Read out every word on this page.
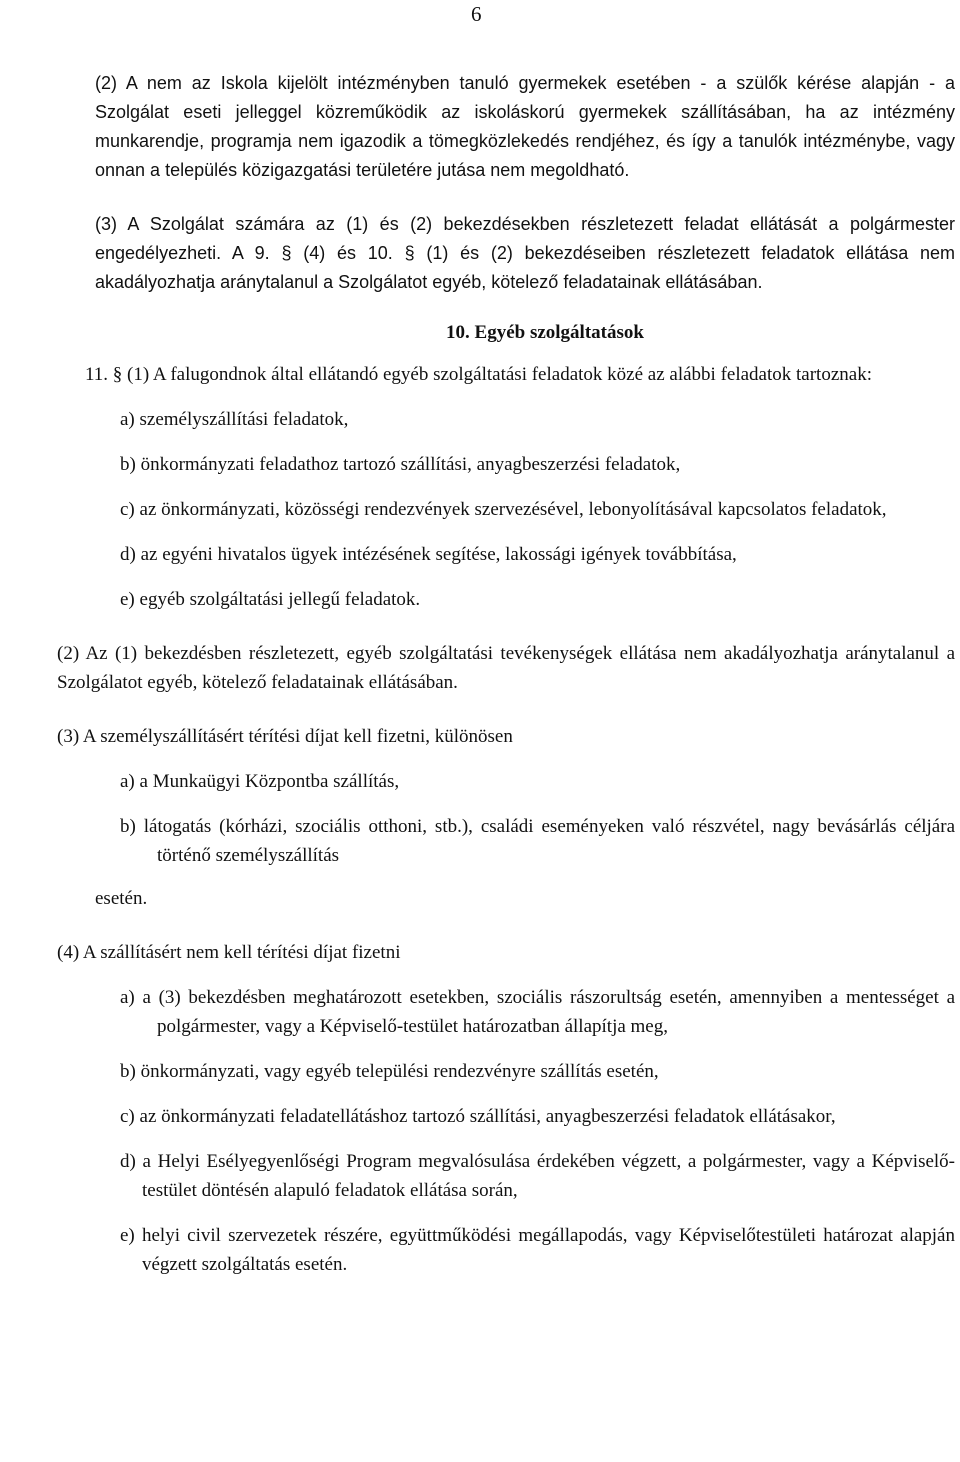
6

(2) A nem az Iskola kijelölt intézményben tanuló gyermekek esetében - a szülők kérése alapján - a Szolgálat eseti jelleggel közreműködik az iskoláskorú gyermekek szállításában, ha az intézmény munkarendje, programja nem igazodik a tömegközlekedés rendjéhez, és így a tanulók intézménybe, vagy onnan a település közigazgatási területére jutása nem megoldható.

(3) A Szolgálat számára az (1) és (2) bekezdésekben részletezett feladat ellátását a polgármester engedélyezheti. A 9. § (4) és 10. § (1) és (2) bekezdéseiben részletezett feladatok ellátása nem akadályozhatja aránytalanul a Szolgálatot egyéb, kötelező feladatainak ellátásában.

10. Egyéb szolgáltatások

11. § (1) A falugondnok által ellátandó egyéb szolgáltatási feladatok közé az alábbi feladatok tartoznak:

a) személyszállítási feladatok,

b) önkormányzati feladathoz tartozó szállítási, anyagbeszerzési feladatok,

c) az önkormányzati, közösségi rendezvények szervezésével, lebonyolításával kapcsolatos feladatok,

d) az egyéni hivatalos ügyek intézésének segítése, lakossági igények továbbítása,

e) egyéb szolgáltatási jellegű feladatok.

(2) Az (1) bekezdésben részletezett, egyéb szolgáltatási tevékenységek ellátása nem akadályozhatja aránytalanul a Szolgálatot egyéb, kötelező feladatainak ellátásában.

(3) A személyszállításért térítési díjat kell fizetni, különösen

a) a Munkaügyi Központba szállítás,

b) látogatás (kórházi, szociális otthoni, stb.), családi eseményeken való részvétel, nagy bevásárlás céljára történő személyszállítás

esetén.

(4) A szállításért nem kell térítési díjat fizetni

a) a (3) bekezdésben meghatározott esetekben, szociális rászorultság esetén, amennyiben a mentességet a polgármester, vagy a Képviselő-testület határozatban állapítja meg,

b) önkormányzati, vagy egyéb települési rendezvényre szállítás esetén,

c) az önkormányzati feladatellátáshoz tartozó szállítási, anyagbeszerzési feladatok ellátásakor,

d) a Helyi Esélyegyenlőségi Program megvalósulása érdekében végzett, a polgármester, vagy a Képviselő-testület döntésén alapuló feladatok ellátása során,

e) helyi civil szervezetek részére, együttműködési megállapodás, vagy Képviselőtestületi határozat alapján végzett szolgáltatás esetén.
